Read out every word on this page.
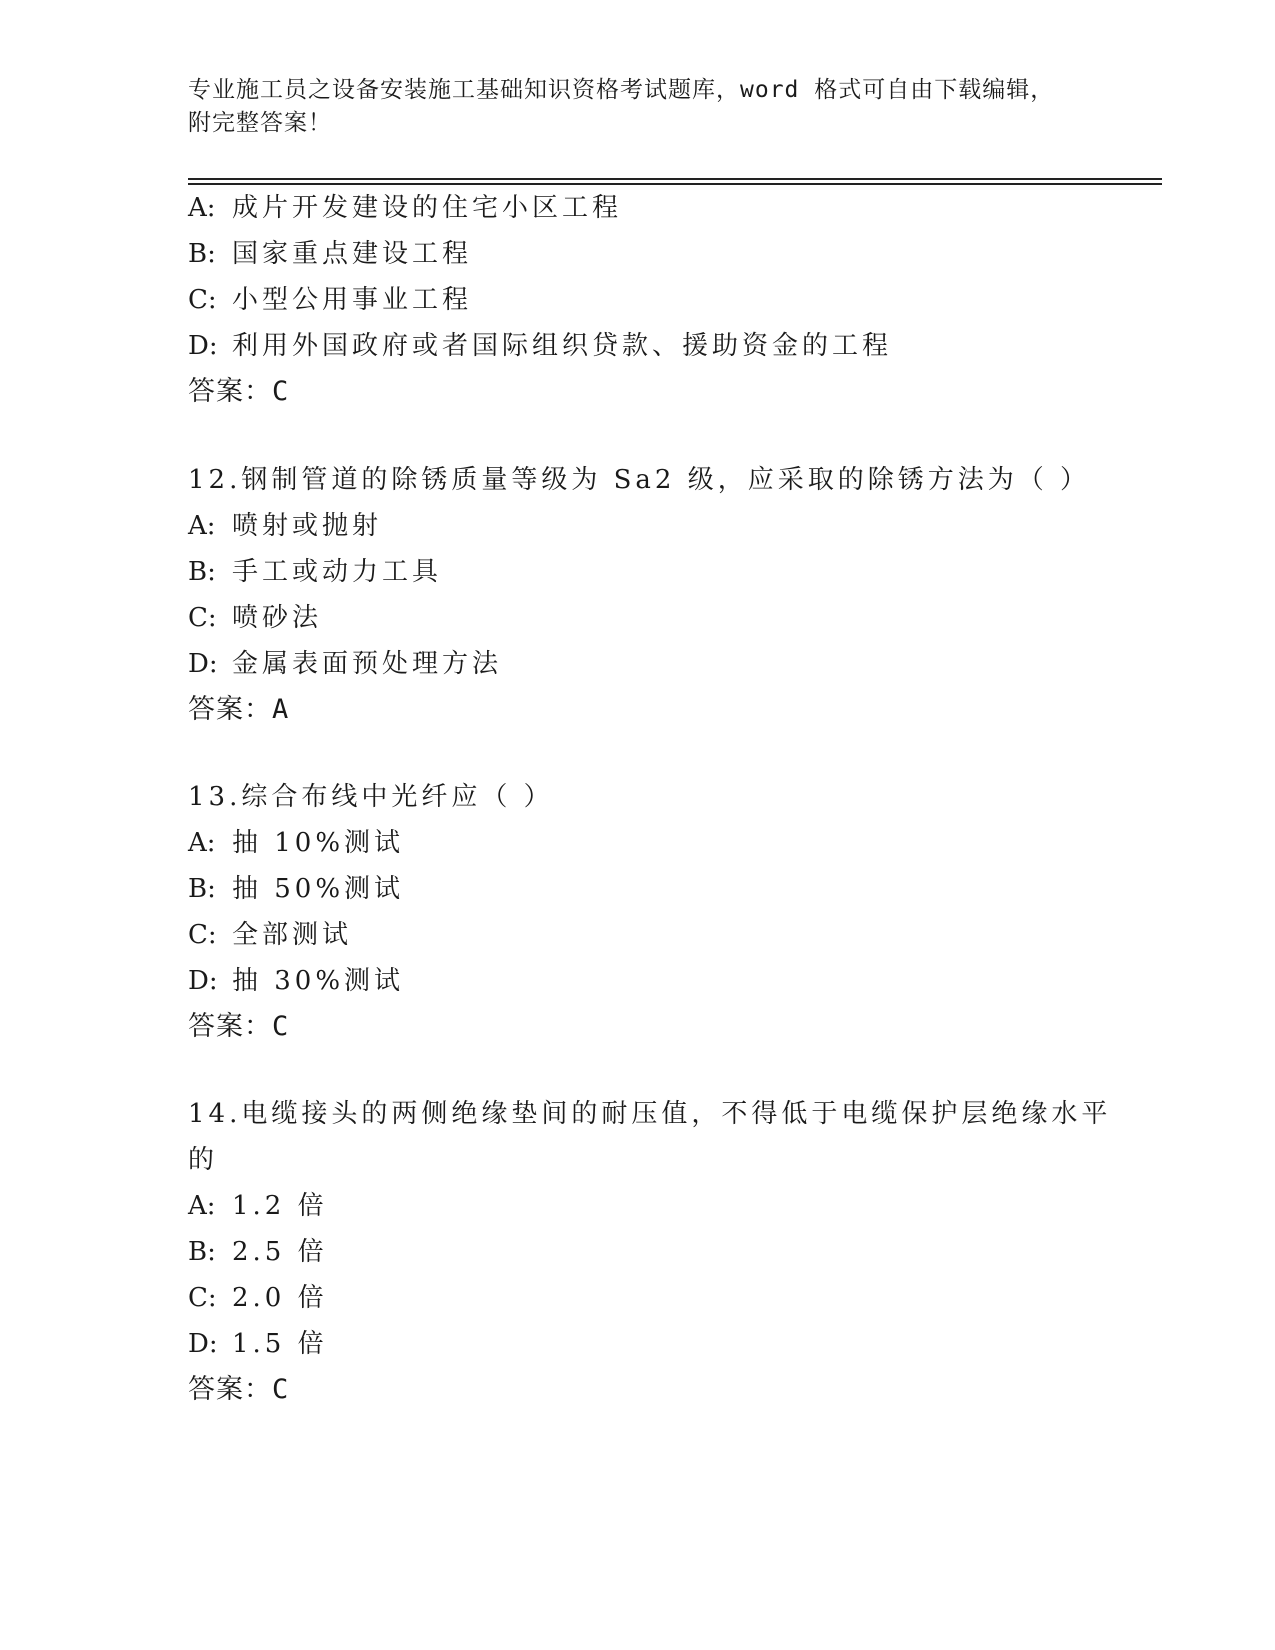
专业施工员之设备安装施工基础知识资格考试题库，word 格式可自由下载编辑，附完整答案！
A: 成片开发建设的住宅小区工程
B: 国家重点建设工程
C: 小型公用事业工程
D: 利用外国政府或者国际组织贷款、援助资金的工程
答案：C
12.钢制管道的除锈质量等级为 Sa2 级，应采取的除锈方法为（ ）
A: 喷射或抛射
B: 手工或动力工具
C: 喷砂法
D: 金属表面预处理方法
答案：A
13.综合布线中光纤应（ ）
A: 抽 10%测试
B: 抽 50%测试
C: 全部测试
D: 抽 30%测试
答案：C
14.电缆接头的两侧绝缘垫间的耐压值，不得低于电缆保护层绝缘水平
的
A: 1.2 倍
B: 2.5 倍
C: 2.0 倍
D: 1.5 倍
答案：C
